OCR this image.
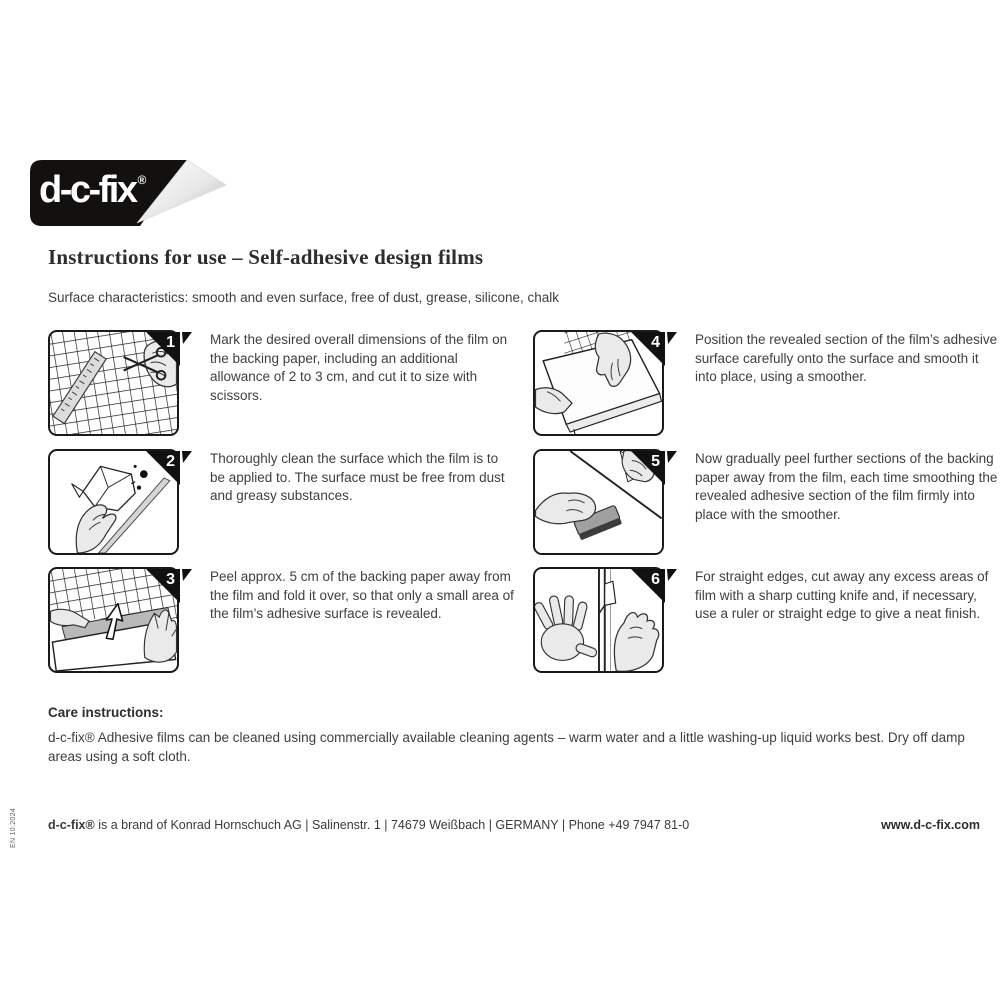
d-c-fix ®
Instructions for use – Self-adhesive design films
Surface characteristics: smooth and even surface, free of dust, grease, silicone, chalk
1	Mark the desired overall dimensions of the film on the backing paper, including an additional allowance of 2 to 3 cm, and cut it to size with scissors.

2	Thoroughly clean the surface which the film is to be applied to. The surface must be free from dust and greasy substances.

3	Peel approx. 5 cm of the backing paper away from the film and fold it over, so that only a small area of the film’s adhesive surface is revealed.

4	Position the revealed section of the film’s adhesive surface carefully onto the surface and smooth it into place, using a smoother.

5	Now gradually peel further sections of the backing paper away from the film, each time smoothing the revealed adhesive section of the film firmly into place with the smoother.

6	For straight edges, cut away any excess areas of film with a sharp cutting knife and, if necessary, use a ruler or straight edge to give a neat finish.

Care instructions:
d-c-fix® Adhesive films can be cleaned using commercially available cleaning agents – warm water and a little washing-up liquid works best. Dry off damp areas using a soft cloth.
d-c-fix® is a brand of Konrad Hornschuch AG | Salinenstr. 1 | 74679 Weißbach | GERMANY | Phone +49 7947 81-0	www.d-c-fix.com
EN 10.2024
